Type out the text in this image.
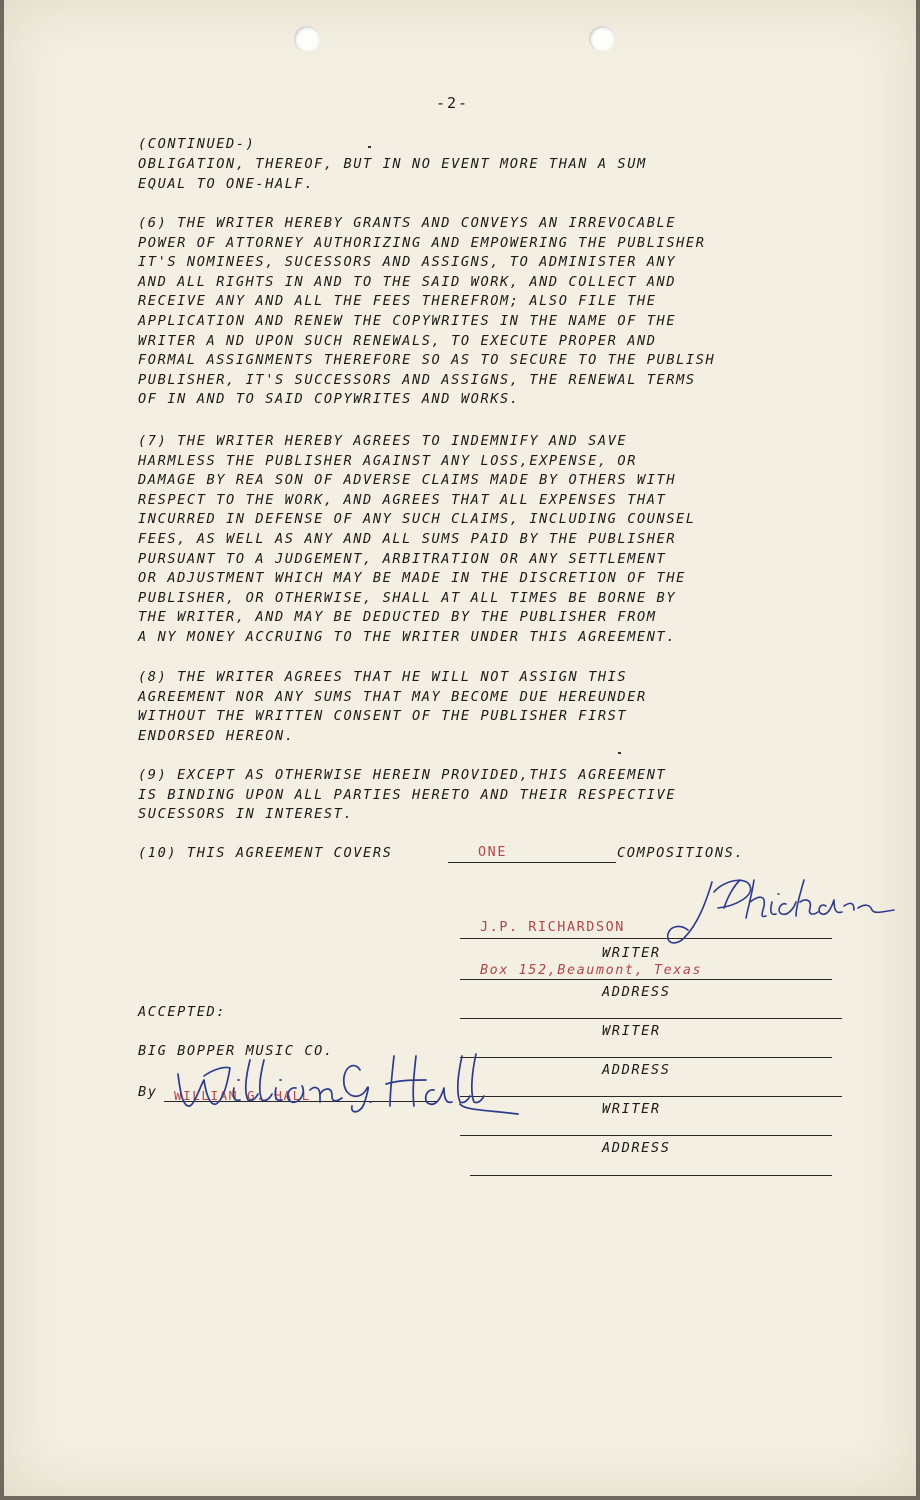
-2-
(CONTINUED-)
OBLIGATION, THEREOF, BUT IN NO EVENT MORE THAN A SUM
EQUAL TO ONE-HALF.
(6) THE WRITER HEREBY GRANTS AND CONVEYS AN IRREVOCABLE
POWER OF ATTORNEY AUTHORIZING AND EMPOWERING THE PUBLISHER
IT'S NOMINEES, SUCESSORS AND ASSIGNS, TO ADMINISTER ANY
AND ALL RIGHTS IN AND TO THE SAID WORK, AND COLLECT AND
RECEIVE ANY AND ALL THE FEES THEREFROM; ALSO FILE THE
APPLICATION AND RENEW THE COPYWRITES IN THE NAME OF THE
WRITER A ND UPON SUCH RENEWALS, TO EXECUTE PROPER AND
FORMAL ASSIGNMENTS THEREFORE SO AS TO SECURE TO THE PUBLISH
PUBLISHER, IT'S SUCCESSORS AND ASSIGNS, THE RENEWAL TERMS
OF IN AND TO SAID COPYWRITES AND WORKS.
(7) THE WRITER HEREBY AGREES TO INDEMNIFY AND SAVE
HARMLESS THE PUBLISHER AGAINST ANY LOSS,EXPENSE, OR
DAMAGE BY REA SON OF ADVERSE CLAIMS MADE BY OTHERS WITH
RESPECT TO THE WORK, AND AGREES THAT ALL EXPENSES THAT
INCURRED IN DEFENSE OF ANY SUCH CLAIMS, INCLUDING COUNSEL
FEES, AS WELL AS ANY AND ALL SUMS PAID BY THE PUBLISHER
PURSUANT TO A JUDGEMENT, ARBITRATION OR ANY SETTLEMENT
OR ADJUSTMENT WHICH MAY BE MADE IN THE DISCRETION OF THE
PUBLISHER, OR OTHERWISE, SHALL AT ALL TIMES BE BORNE BY
THE WRITER, AND MAY BE DEDUCTED BY THE PUBLISHER FROM
A NY MONEY ACCRUING TO THE WRITER UNDER THIS AGREEMENT.
(8) THE WRITER AGREES THAT HE WILL NOT ASSIGN THIS
AGREEMENT NOR ANY SUMS THAT MAY BECOME DUE HEREUNDER
WITHOUT THE WRITTEN CONSENT OF THE PUBLISHER FIRST
ENDORSED HEREON.
(9) EXCEPT AS OTHERWISE HEREIN PROVIDED,THIS AGREEMENT
IS BINDING UPON ALL PARTIES HERETO AND THEIR RESPECTIVE
SUCESSORS IN INTEREST.
(10) THIS AGREEMENT COVERS	ONE	COMPOSITIONS.
J.P. RICHARDSON
WRITER
Box 152,Beaumont, Texas
ADDRESS
WRITER
ADDRESS
WRITER
ADDRESS
ACCEPTED:
BIG BOPPER MUSIC CO.
By WILLIAM G. HALL
